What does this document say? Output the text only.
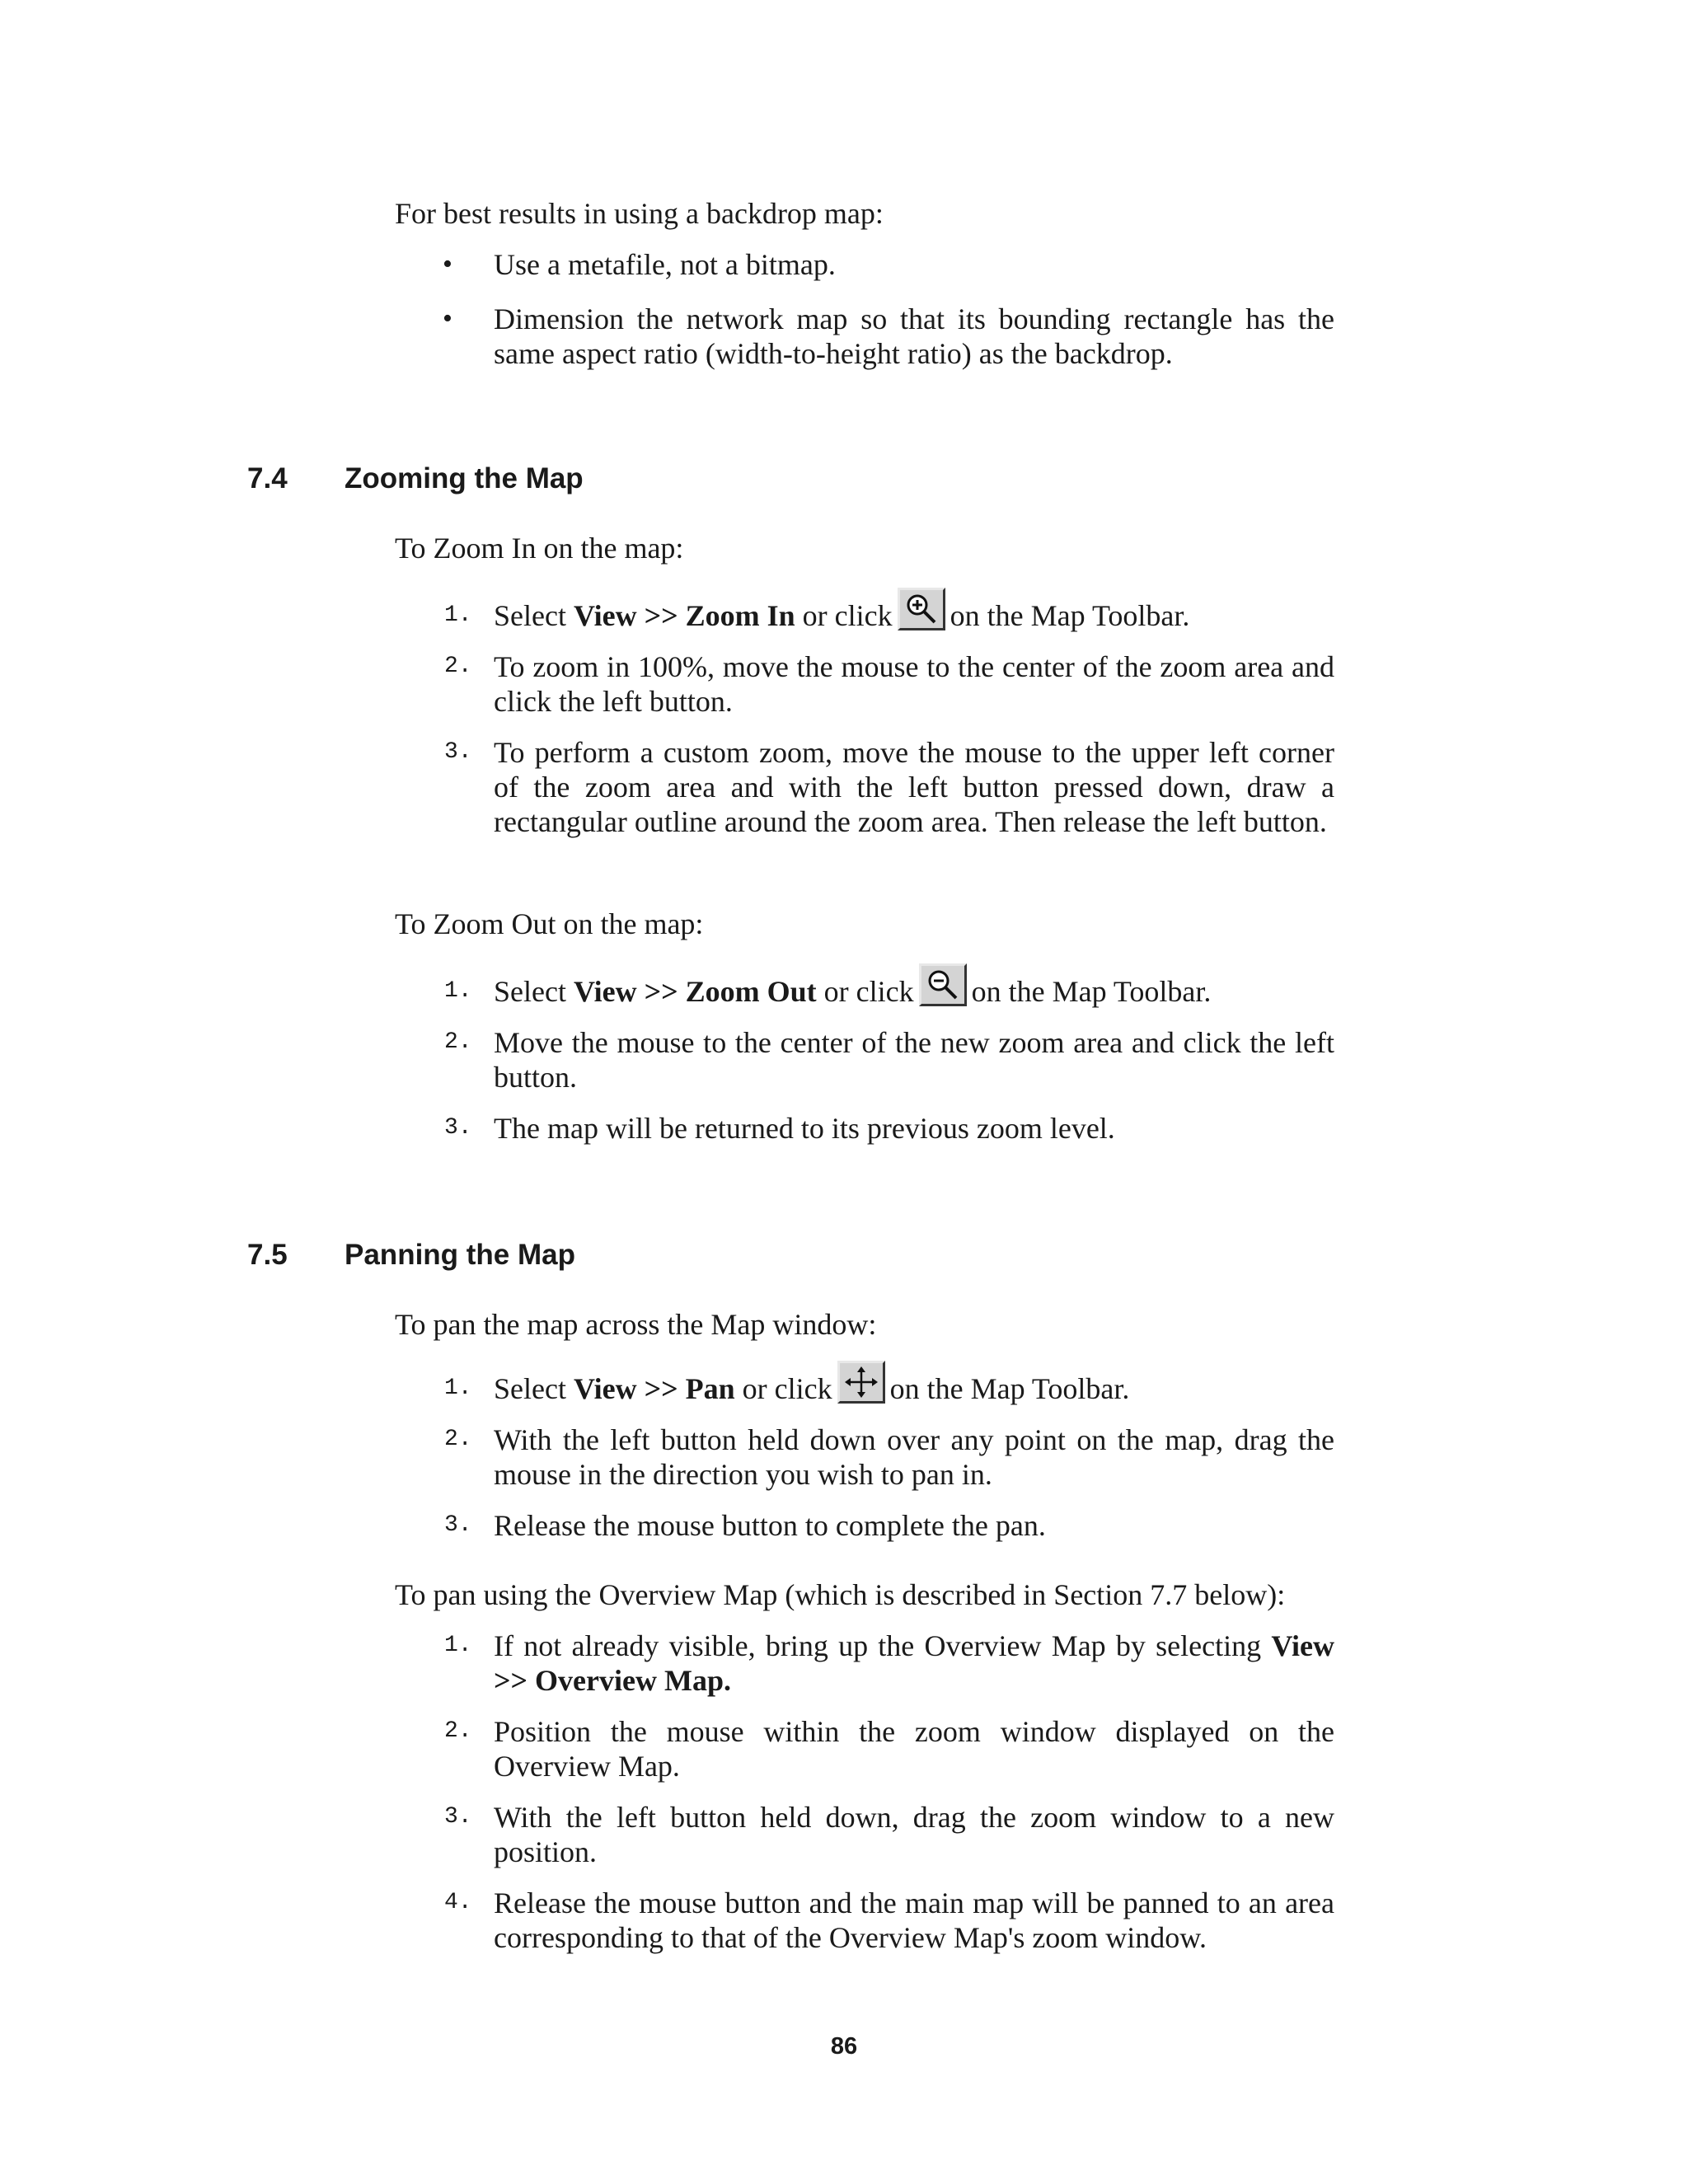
For best results in using a backdrop map:

• Use a metafile, not a bitmap.
• Dimension the network map so that its bounding rectangle has the same aspect ratio (width-to-height ratio) as the backdrop.
7.4 Zooming the Map

To Zoom In on the map:

1. Select View >> Zoom In or click on the Map Toolbar.
2. To zoom in 100%, move the mouse to the center of the zoom area and click the left button.
3. To perform a custom zoom, move the mouse to the upper left corner of the zoom area and with the left button pressed down, draw a rectangular outline around the zoom area. Then release the left button.

To Zoom Out on the map:

1. Select View >> Zoom Out or click on the Map Toolbar.
2. Move the mouse to the center of the new zoom area and click the left button.
3. The map will be returned to its previous zoom level.
7.5 Panning the Map

To pan the map across the Map window:

1. Select View >> Pan or click on the Map Toolbar.
2. With the left button held down over any point on the map, drag the mouse in the direction you wish to pan in.
3. Release the mouse button to complete the pan.

To pan using the Overview Map (which is described in Section 7.7 below):

1. If not already visible, bring up the Overview Map by selecting View >> Overview Map.
2. Position the mouse within the zoom window displayed on the Overview Map.
3. With the left button held down, drag the zoom window to a new position.
4. Release the mouse button and the main map will be panned to an area corresponding to that of the Overview Map's zoom window.
86
